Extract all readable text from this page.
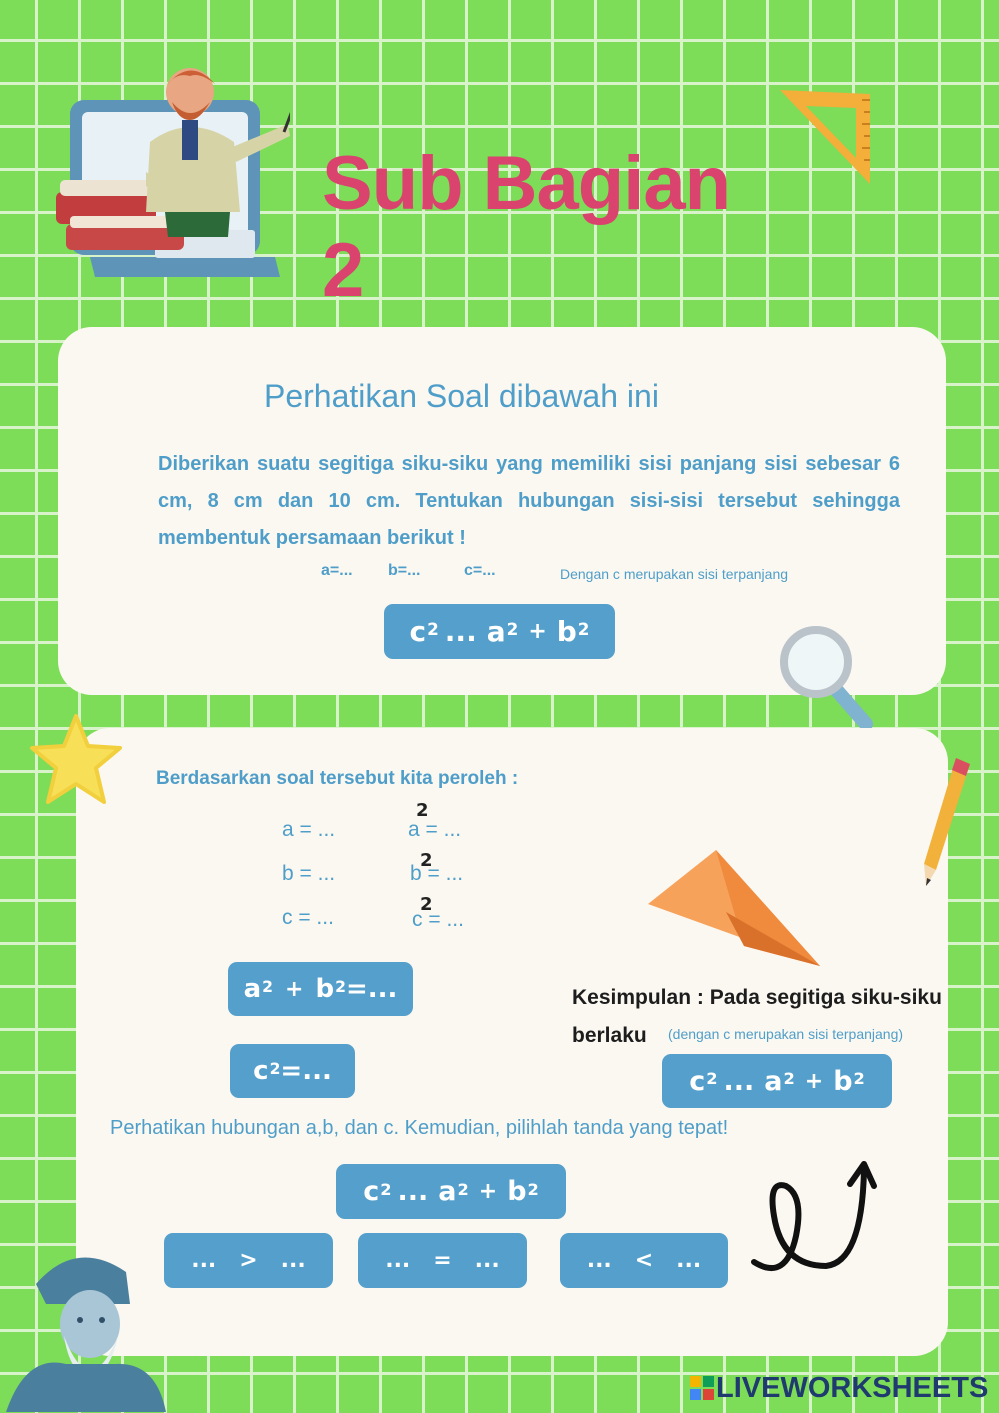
Sub Bagian 2
Perhatikan Soal dibawah ini
Diberikan suatu segitiga siku-siku yang memiliki sisi panjang sisi sebesar 6 cm, 8 cm dan 10 cm. Tentukan hubungan sisi-sisi tersebut sehingga membentuk persamaan berikut !
a=... b=...	c=...	Dengan c merupakan sisi terpanjang
$c^2$ ... $a^2 + b^2$
Berdasarkan soal tersebut kita peroleh :
a = ...	a = ...
2
b = ...	b = ...
2
c = ...	c = ...
2
$a^2 + b^2$ =...
$c^2$ =...
Kesimpulan : Pada segitiga siku-siku
berlaku (dengan c merupakan sisi terpanjang)
$c^2$ ... $a^2 + b^2$
Perhatikan hubungan a,b, dan c. Kemudian, pilihlah tanda yang tepat!
$c^2$ ... $a^2 + b^2$
...   >   ...	...   =   ...	...   <   ...
LIVEWORKSHEETS
